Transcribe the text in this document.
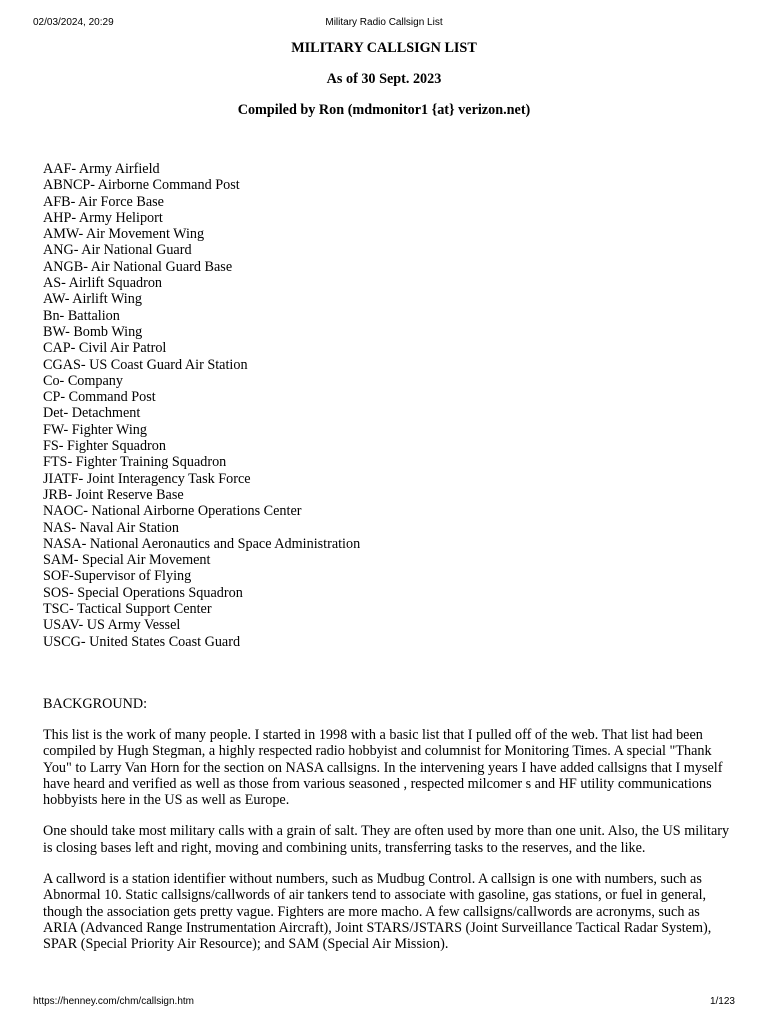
02/03/2024, 20:29	Military Radio Callsign List

MILITARY CALLSIGN LIST

As of 30 Sept. 2023

Compiled by Ron (mdmonitor1 {at} verizon.net)

AAF- Army Airfield
ABNCP- Airborne Command Post
AFB- Air Force Base
AHP- Army Heliport
AMW- Air Movement Wing
ANG- Air National Guard
ANGB- Air National Guard Base
AS- Airlift Squadron
AW- Airlift Wing
Bn- Battalion
BW- Bomb Wing
CAP- Civil Air Patrol
CGAS- US Coast Guard Air Station
Co- Company
CP- Command Post
Det- Detachment
FW- Fighter Wing
FS- Fighter Squadron
FTS- Fighter Training Squadron
JIATF- Joint Interagency Task Force
JRB- Joint Reserve Base
NAOC- National Airborne Operations Center
NAS- Naval Air Station
NASA- National Aeronautics and Space Administration
SAM- Special Air Movement
SOF-Supervisor of Flying
SOS- Special Operations Squadron
TSC- Tactical Support Center
USAV- US Army Vessel
USCG- United States Coast Guard

BACKGROUND:

This list is the work of many people. I started in 1998 with a basic list that I pulled off of the web. That list had been compiled by Hugh Stegman, a highly respected radio hobbyist and columnist for Monitoring Times. A special "Thank You" to Larry Van Horn for the section on NASA callsigns. In the intervening years I have added callsigns that I myself have heard and verified as well as those from various seasoned , respected milcomer s and HF utility communications hobbyists here in the US as well as Europe.

One should take most military calls with a grain of salt. They are often used by more than one unit. Also, the US military is closing bases left and right, moving and combining units, transferring tasks to the reserves, and the like.

A callword is a station identifier without numbers, such as Mudbug Control. A callsign is one with numbers, such as Abnormal 10. Static callsigns/callwords of air tankers tend to associate with gasoline, gas stations, or fuel in general, though the association gets pretty vague. Fighters are more macho. A few callsigns/callwords are acronyms, such as ARIA (Advanced Range Instrumentation Aircraft), Joint STARS/JSTARS (Joint Surveillance Tactical Radar System), SPAR (Special Priority Air Resource); and SAM (Special Air Mission).

https://henney.com/chm/callsign.htm	1/123
